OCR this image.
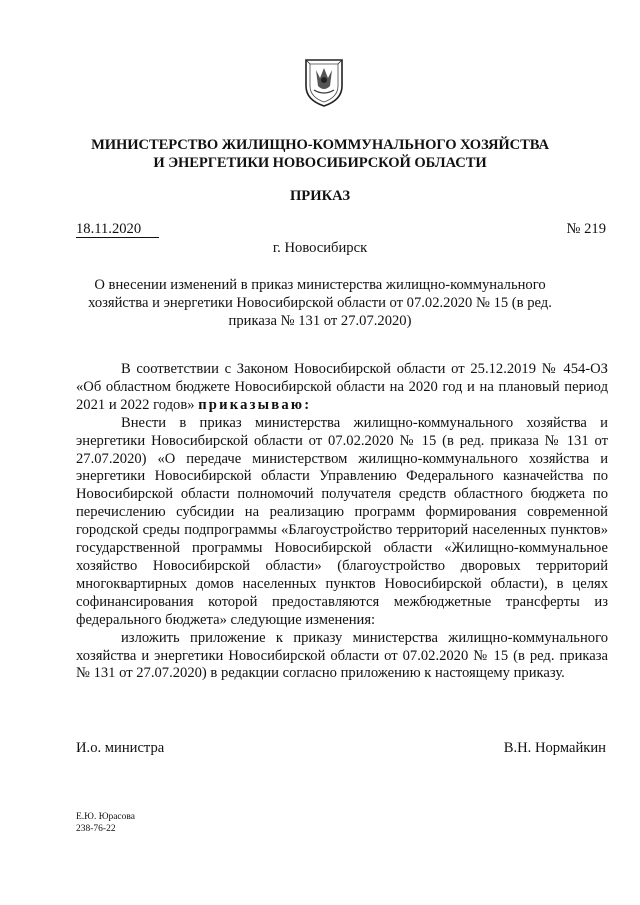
МИНИСТЕРСТВО ЖИЛИЩНО-КОММУНАЛЬНОГО ХОЗЯЙСТВА
И ЭНЕРГЕТИКИ НОВОСИБИРСКОЙ ОБЛАСТИ
ПРИКАЗ
18.11.2020	№ 219
г. Новосибирск
О внесении изменений в приказ министерства жилищно-коммунального
хозяйства и энергетики Новосибирской области от 07.02.2020 № 15 (в ред.
приказа № 131 от 27.07.2020)

В соответствии с Законом Новосибирской области от 25.12.2019 № 454-ОЗ «Об областном бюджете Новосибирской области на 2020 год и на плановый период 2021 и 2022 годов» приказываю:

Внести в приказ министерства жилищно-коммунального хозяйства и энергетики Новосибирской области от 07.02.2020 № 15 (в ред. приказа № 131 от 27.07.2020) «О передаче министерством жилищно-коммунального хозяйства и энергетики Новосибирской области Управлению Федерального казначейства по Новосибирской области полномочий получателя средств областного бюджета по перечислению субсидии на реализацию программ формирования современной городской среды подпрограммы «Благоустройство территорий населенных пунктов» государственной программы Новосибирской области «Жилищно-коммунальное хозяйство Новосибирской области» (благоустройство дворовых территорий многоквартирных домов населенных пунктов Новосибирской области), в целях софинансирования которой предоставляются межбюджетные трансферты из федерального бюджета» следующие изменения:

изложить приложение к приказу министерства жилищно-коммунального хозяйства и энергетики Новосибирской области от 07.02.2020 № 15 (в ред. приказа № 131 от 27.07.2020) в редакции согласно приложению к настоящему приказу.

И.о. министра	В.Н. Нормайкин
Е.Ю. Юрасова
238-76-22
